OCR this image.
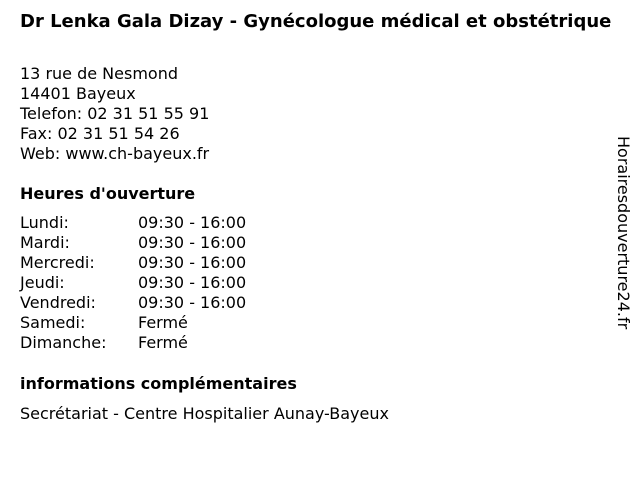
Dr Lenka Gala Dizay - Gynécologue médical et obstétrique
13 rue de Nesmond
14401 Bayeux
Telefon: 02 31 51 55 91
Fax: 02 31 51 54 26
Web: www.ch-bayeux.fr
Heures d'ouverture
Lundi:	09:30 - 16:00
Mardi:	09:30 - 16:00
Mercredi:	09:30 - 16:00
Jeudi:	09:30 - 16:00
Vendredi:	09:30 - 16:00
Samedi:	Fermé
Dimanche: Fermé
informations complémentaires
Secrétariat - Centre Hospitalier Aunay-Bayeux
Horairesdouverture24.fr
